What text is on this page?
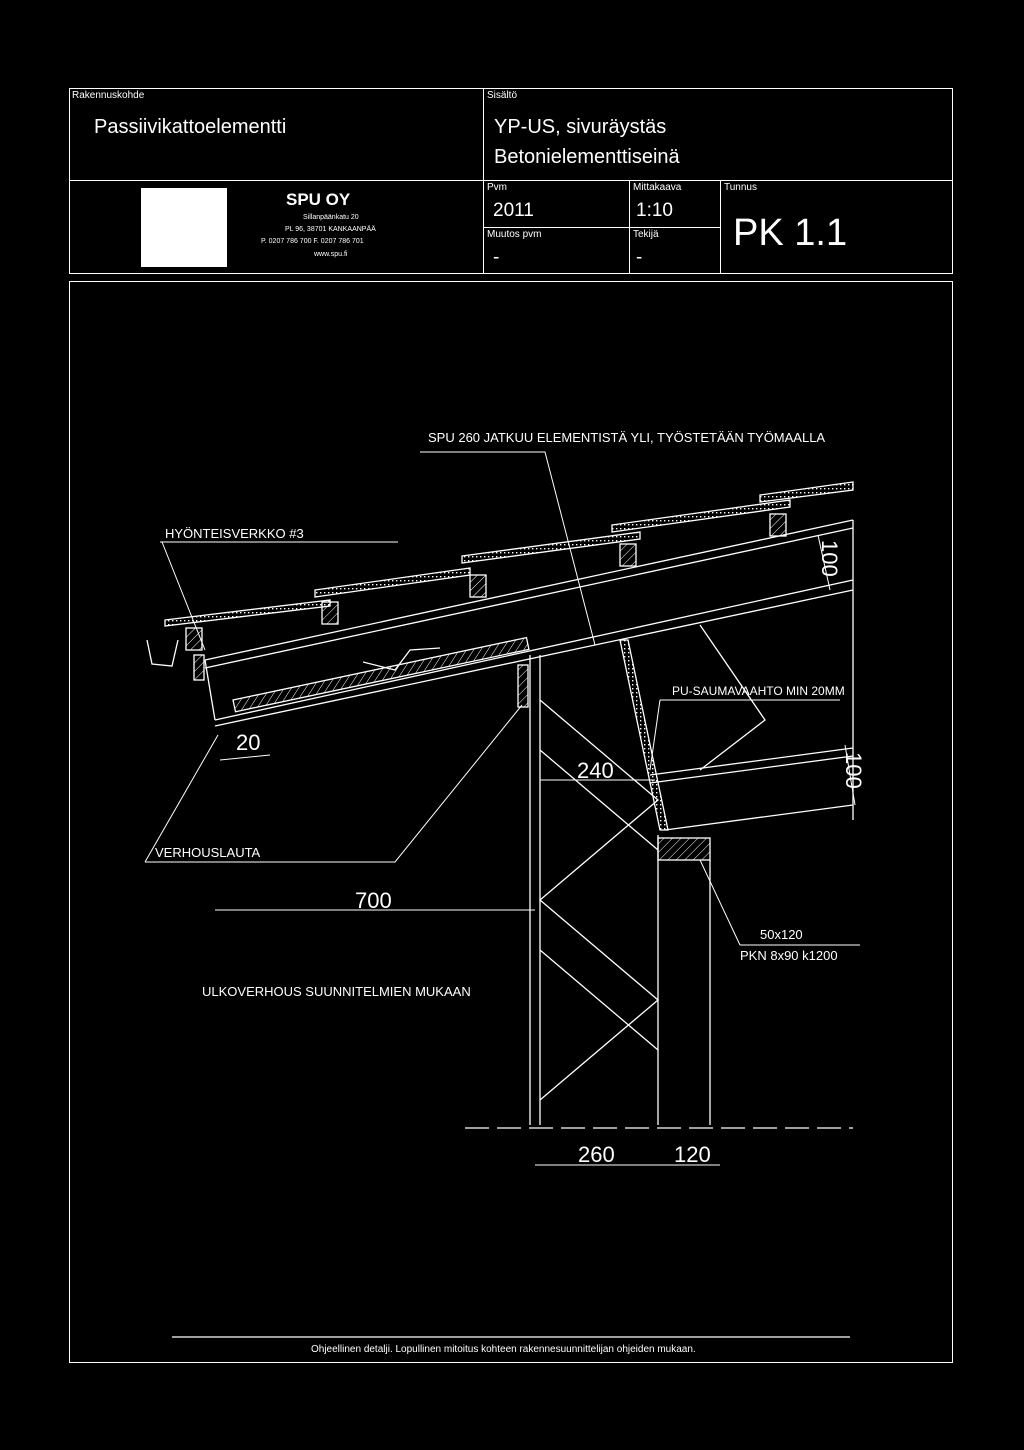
Rakennuskohde
Passiivikattoelementti
Sisältö
YP-US, sivuräystäs
Betonielementtiseinä
SPU OY
Sillanpäänkatu 20
PL 96, 38701 KANKAANPÄÄ
P. 0207 786 700 F. 0207 786 701
www.spu.fi
Pvm
2011
Muutos pvm
-
Mittakaava
1:10
Tekijä
-
Tunnus
PK 1.1
SPU 260 JATKUU ELEMENTISTÄ YLI, TYÖSTETÄÄN TYÖMAALLA
HYÖNTEISVERKKO #3
PU-SAUMAVAAHTO MIN 20MM
VERHOUSLAUTA
ULKOVERHOUS SUUNNITELMIEN MUKAAN
50x120
PKN 8x90 k1200
20
240
700
260	120
100
100
Ohjeellinen detalji. Lopullinen mitoitus kohteen rakennesuunnittelijan ohjeiden mukaan.
